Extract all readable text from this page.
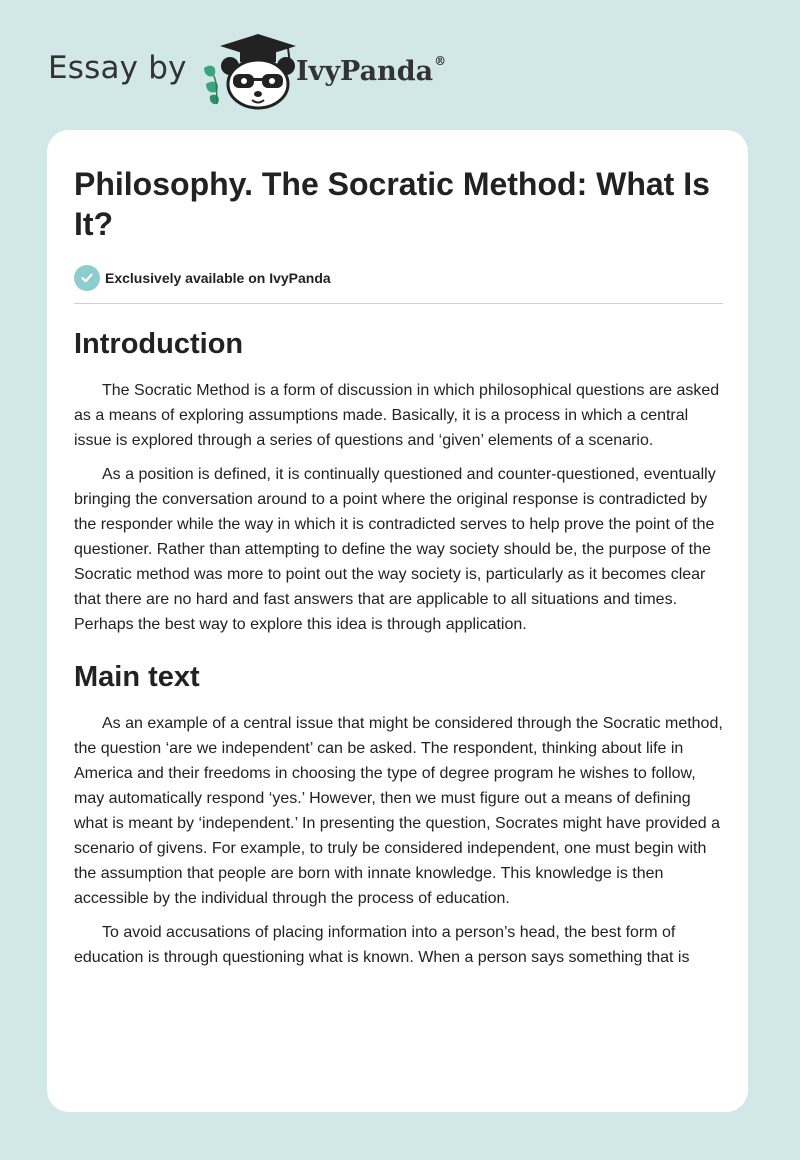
Essay by	IvyPanda®
Philosophy. The Socratic Method: What Is It?
Exclusively available on IvyPanda
Introduction

The Socratic Method is a form of discussion in which philosophical questions are asked as a means of exploring assumptions made. Basically, it is a process in which a central issue is explored through a series of questions and ‘given’ elements of a scenario.

As a position is defined, it is continually questioned and counter-questioned, eventually bringing the conversation around to a point where the original response is contradicted by the responder while the way in which it is contradicted serves to help prove the point of the questioner. Rather than attempting to define the way society should be, the purpose of the Socratic method was more to point out the way society is, particularly as it becomes clear that there are no hard and fast answers that are applicable to all situations and times. Perhaps the best way to explore this idea is through application.

Main text

As an example of a central issue that might be considered through the Socratic method, the question ‘are we independent’ can be asked. The respondent, thinking about life in America and their freedoms in choosing the type of degree program he wishes to follow, may automatically respond ‘yes.’ However, then we must figure out a means of defining what is meant by ‘independent.’ In presenting the question, Socrates might have provided a scenario of givens. For example, to truly be considered independent, one must begin with the assumption that people are born with innate knowledge. This knowledge is then accessible by the individual through the process of education.

To avoid accusations of placing information into a person’s head, the best form of education is through questioning what is known. When a person says something that is
